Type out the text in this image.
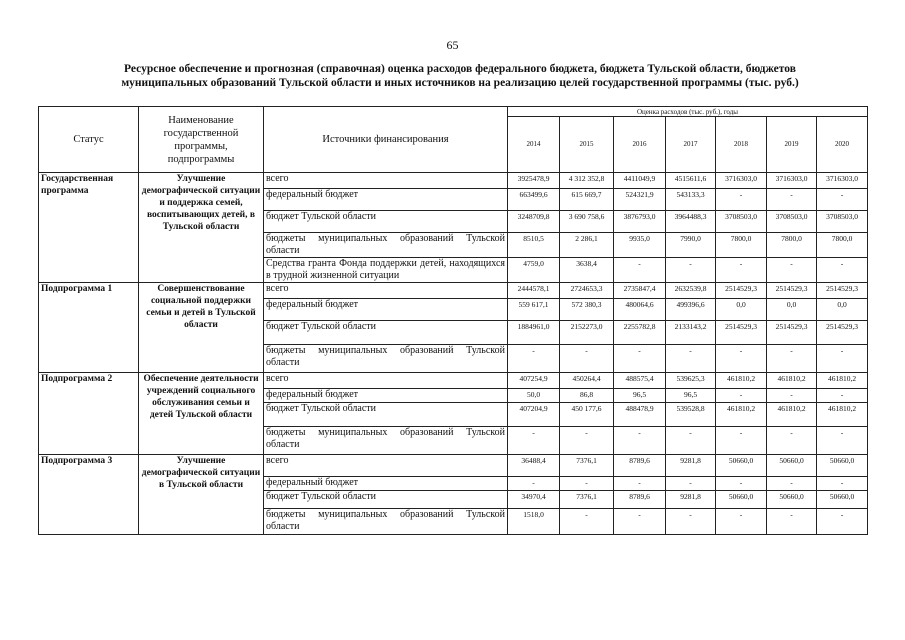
65
Ресурсное обеспечение и прогнозная (справочная) оценка расходов федерального бюджета, бюджета Тульской области, бюджетов
муниципальных образований Тульской области и иных источников на реализацию целей государственной программы (тыс. руб.)
Статус	Наименование государственной программы, подпрограммы	Источники финансирования	Оценка расходов (тыс. руб.), годы						
			2014	2015	2016	2017	2018	2019	2020
Государственная программа	Улучшение демографической ситуации и поддержка семей, воспитывающих детей, в Тульской области	всего	3925478,9	4 312 352,8	4411049,9	4515611,6	3716303,0	3716303,0	3716303,0
		федеральный бюджет	663499,6	615 669,7	524321,9	543133,3	-	-	-
		бюджет Тульской области	3248709,8	3 690 758,6	3876793,0	3964488,3	3708503,0	3708503,0	3708503,0
		бюджеты муниципальных образований Тульской области	8510,5	2 286,1	9935,0	7990,0	7800,0	7800,0	7800,0
		Средства гранта Фонда поддержки детей, находящихся в трудной жизненной ситуации	4759,0	3638,4	-	-	-	-	-
Подпрограмма 1	Совершенствование социальной поддержки семьи и детей в Тульской области	всего	2444578,1	2724653,3	2735847,4	2632539,8	2514529,3	2514529,3	2514529,3
		федеральный бюджет	559 617,1	572 380,3	480064,6	499396,6	0,0	0,0	0,0
		бюджет Тульской области	1884961,0	2152273,0	2255782,8	2133143,2	2514529,3	2514529,3	2514529,3
		бюджеты муниципальных образований Тульской области	-	-	-	-	-	-	-
Подпрограмма 2	Обеспечение деятельности учреждений социального обслуживания семьи и детей Тульской области	всего	407254,9	450264,4	488575,4	539625,3	461810,2	461810,2	461810,2
		федеральный бюджет	50,0	86,8	96,5	96,5	-	-	-
		бюджет Тульской области	407204,9	450 177,6	488478,9	539528,8	461810,2	461810,2	461810,2
		бюджеты муниципальных образований Тульской области	-	-	-	-	-	-	-
Подпрограмма 3	Улучшение демографической ситуации в Тульской области	всего	36488,4	7376,1	8789,6	9281,8	50660,0	50660,0	50660,0
		федеральный бюджет	-	-	-	-	-	-	-
		бюджет Тульской области	34970,4	7376,1	8789,6	9281,8	50660,0	50660,0	50660,0
		бюджеты муниципальных образований Тульской области	1518,0	-	-	-	-	-	-
